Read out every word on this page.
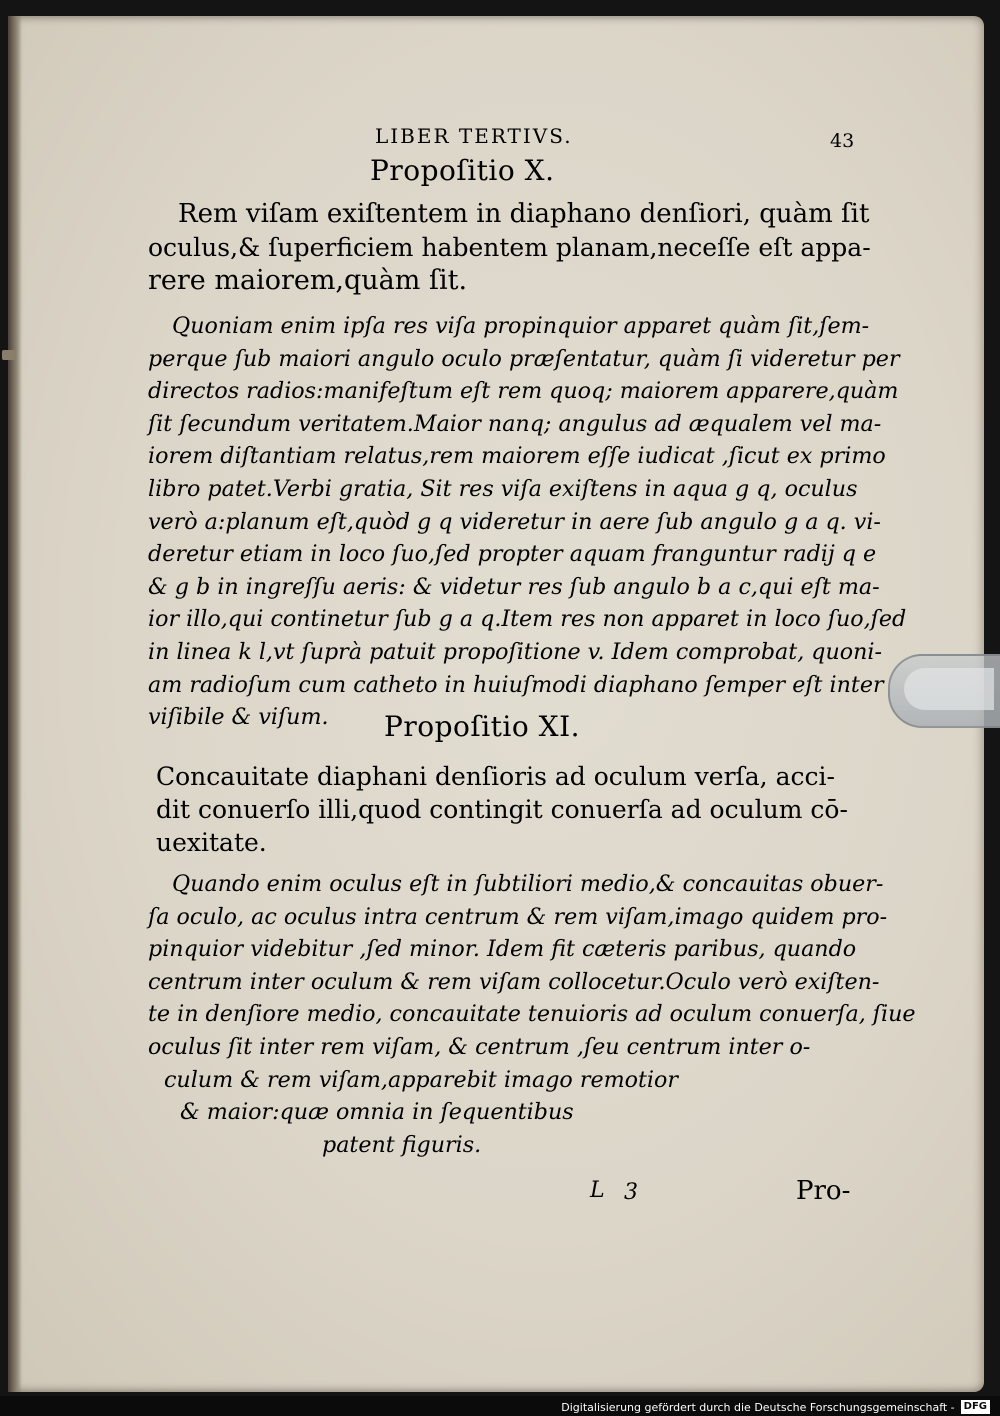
LIBER TERTIVS.	43
Propoſitio X.
Rem viſam exiſtentem in diaphano denſiori, quàm ſit
oculus,& ſuperficiem habentem planam,neceſſe eſt appa-
rere maiorem,quàm ſit.
Quoniam enim ipſa res viſa propinquior apparet quàm ſit,ſem-
perque ſub maiori angulo oculo præſentatur, quàm ſi videretur per
directos radios:manifeſtum eſt rem quoq; maiorem apparere,quàm
ſit ſecundum veritatem.Maior nanq; angulus ad æqualem vel ma-
iorem diſtantiam relatus,rem maiorem eſſe iudicat ,ſicut ex primo
libro patet.Verbi gratia, Sit res viſa exiſtens in aqua g q, oculus
verò a:planum eſt,quòd g q videretur in aere ſub angulo g a q. vi-
deretur etiam in loco ſuo,ſed propter aquam franguntur radij q e
& g b in ingreſſu aeris: & videtur res ſub angulo b a c,qui eſt ma-
ior illo,qui continetur ſub g a q.Item res non apparet in loco ſuo,ſed
in linea k l,vt ſuprà patuit propoſitione v. Idem comprobat, quoni-
am radioſum cum catheto in huiuſmodi diaphano ſemper eſt inter
viſibile & viſum.	Propoſitio XI.
Concauitate diaphani denſioris ad oculum verſa, acci-
dit conuerſo illi,quod contingit conuerſa ad oculum cō-
uexitate.
Quando enim oculus eſt in ſubtiliori medio,& concauitas obuer-
ſa oculo, ac oculus intra centrum & rem viſam,imago quidem pro-
pinquior videbitur ,ſed minor. Idem fit cæteris paribus, quando
centrum inter oculum & rem viſam collocetur.Oculo verò exiſten-
te in denſiore medio, concauitate tenuioris ad oculum conuerſa, ſiue
oculus ſit inter rem viſam, & centrum ,ſeu centrum inter o-
culum & rem viſam,apparebit imago remotior
& maior:quæ omnia in ſequentibus
patent figuris.
L 3	Pro-
Digitalisierung gefördert durch die Deutsche Forschungsgemeinschaft - DFG
